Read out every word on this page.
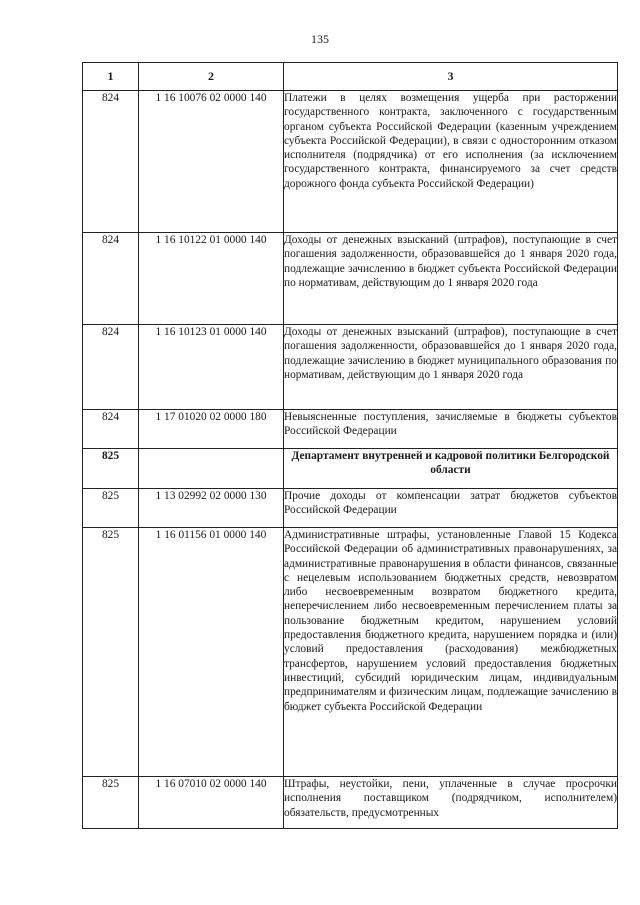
135
1	2	3
824	1 16 10076 02 0000 140	Платежи в целях возмещения ущерба при расторжении государственного контракта, заключенного с государственным органом субъекта Российской Федерации (казенным учреждением субъекта Российской Федерации), в связи с односторонним отказом исполнителя (подрядчика) от его исполнения (за исключением государственного контракта, финансируемого за счет средств дорожного фонда субъекта Российской Федерации)
824	1 16 10122 01 0000 140	Доходы от денежных взысканий (штрафов), поступающие в счет погашения задолженности, образовавшейся до 1 января 2020 года, подлежащие зачислению в бюджет субъекта Российской Федерации по нормативам, действующим до 1 января 2020 года
824	1 16 10123 01 0000 140	Доходы от денежных взысканий (штрафов), поступающие в счет погашения задолженности, образовавшейся до 1 января 2020 года, подлежащие зачислению в бюджет муниципального образования по нормативам, действующим до 1 января 2020 года
824	1 17 01020 02 0000 180	Невыясненные поступления, зачисляемые в бюджеты субъектов Российской Федерации
825		Департамент внутренней и кадровой политики Белгородской области
825	1 13 02992 02 0000 130	Прочие доходы от компенсации затрат бюджетов субъектов Российской Федерации
825	1 16 01156 01 0000 140	Административные штрафы, установленные Главой 15 Кодекса Российской Федерации об административных правонарушениях, за административные правонарушения в области финансов, связанные с нецелевым использованием бюджетных средств, невозвратом либо несвоевременным возвратом бюджетного кредита, неперечислением либо несвоевременным перечислением платы за пользование бюджетным кредитом, нарушением условий предоставления бюджетного кредита, нарушением порядка и (или) условий предоставления (расходования) межбюджетных трансфертов, нарушением условий предоставления бюджетных инвестиций, субсидий юридическим лицам, индивидуальным предпринимателям и физическим лицам, подлежащие зачислению в бюджет субъекта Российской Федерации
825	1 16 07010 02 0000 140	Штрафы, неустойки, пени, уплаченные в случае просрочки исполнения поставщиком (подрядчиком, исполнителем) обязательств, предусмотренных
